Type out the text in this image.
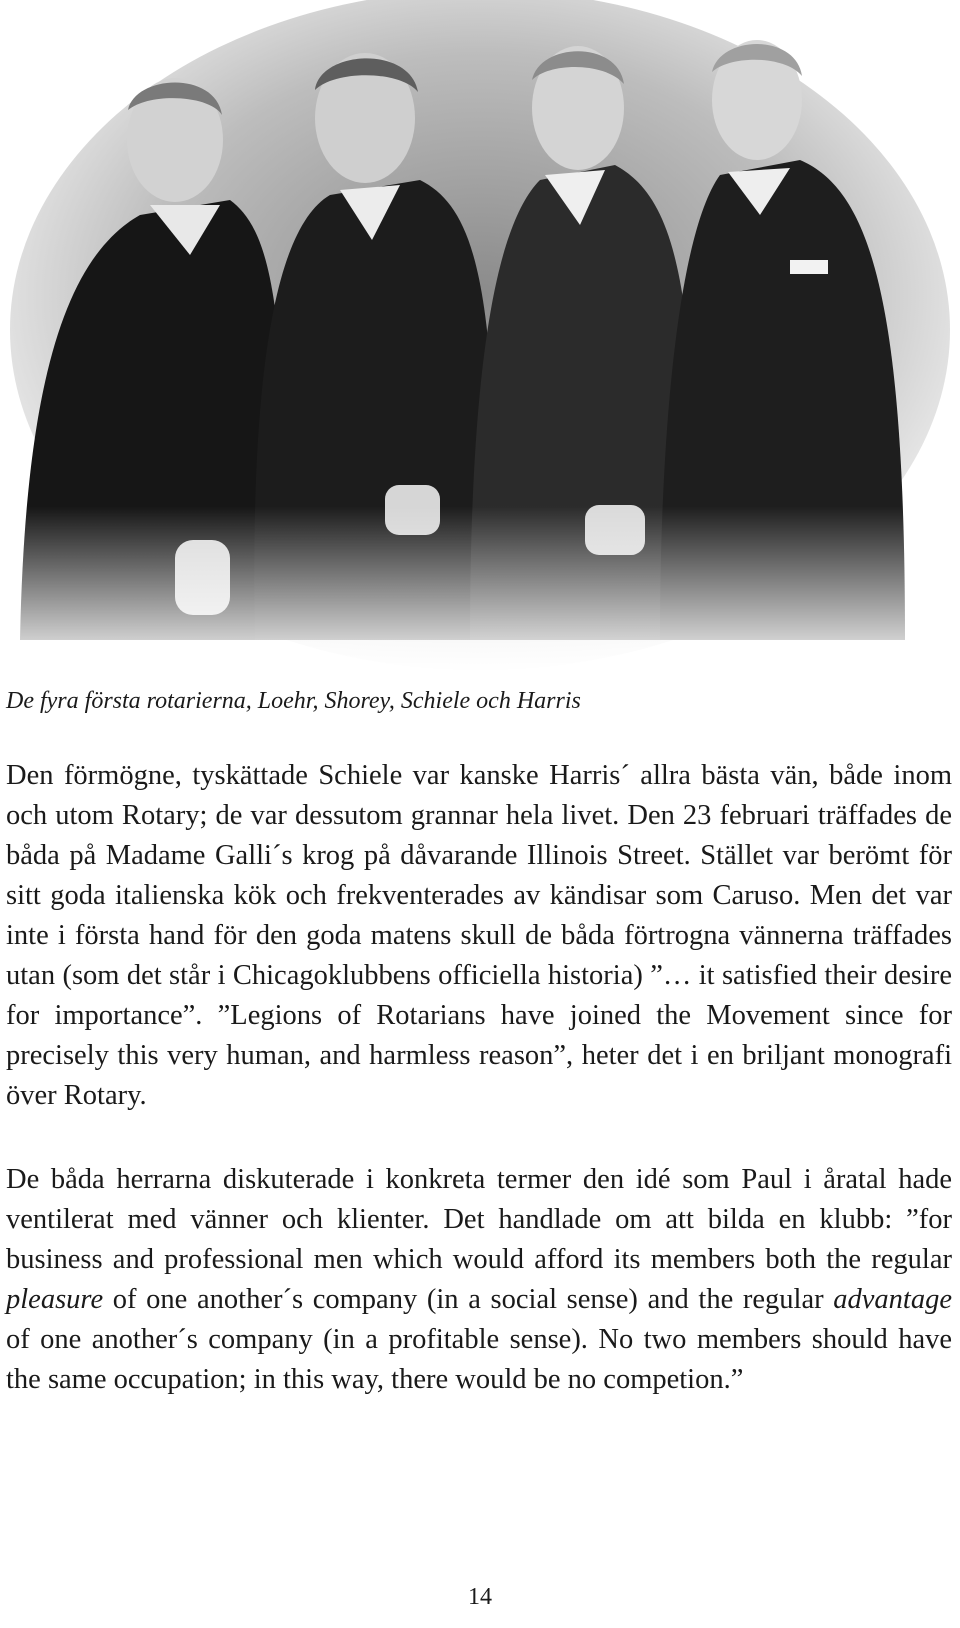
De fyra första rotarierna, Loehr, Shorey, Schiele och Harris

Den förmögne, tyskättade Schiele var kanske Harris´ allra bästa vän, både inom och utom Rotary; de var dessutom grannar hela livet. Den 23 februari träffades de båda på Madame Galli´s krog på dåvarande Illinois Street. Stället var berömt för sitt goda italienska kök och frekventerades av kändisar som Caruso. Men det var inte i första hand för den goda matens skull de båda förtrogna vännerna träffades utan (som det står i Chicagoklubbens officiella historia) ”… it satisfied their desire for importance”. ”Legions of Rotarians have joined the Movement since for precisely this very human, and harmless reason”, heter det i en briljant monografi över Rotary.

De båda herrarna diskuterade i konkreta termer den idé som Paul i åratal hade ventilerat med vänner och klienter. Det handlade om att bilda en klubb: ”for business and professional men which would afford its members both the regular pleasure of one another´s company (in a social sense) and the regular advantage of one another´s company (in a profitable sense). No two members should have the same occupation; in this way, there would be no competion.”

14
